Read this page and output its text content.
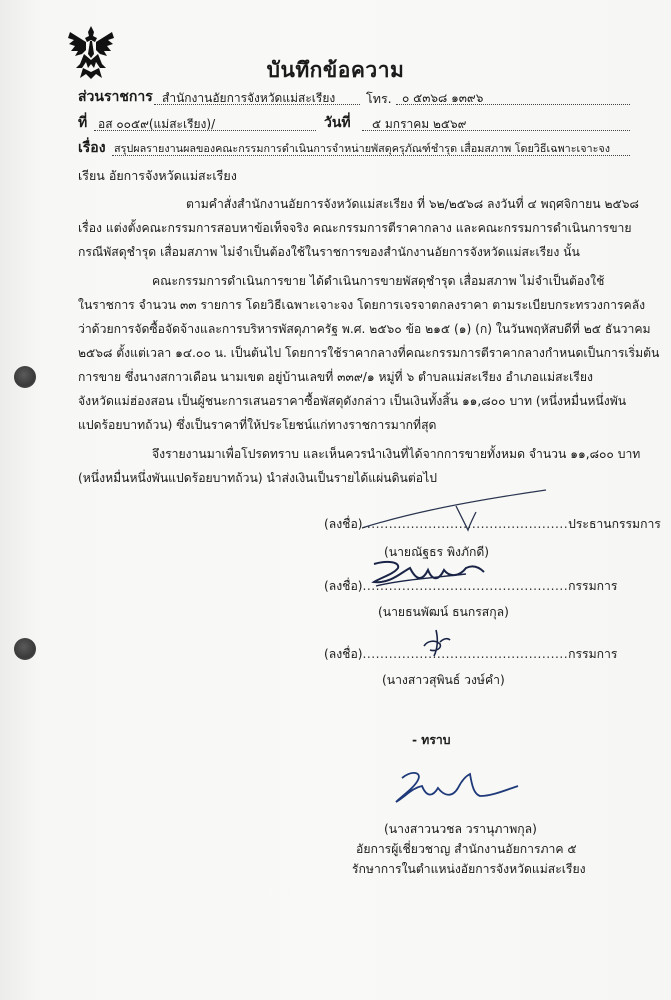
บันทึกข้อความ
ส่วนราชการ สำนักงานอัยการจังหวัดแม่สะเรียง โทร. ๐ ๕๓๖๘ ๑๓๙๖
ที่ อส ๐๐๕๙(แม่สะเรียง)/	วันที่ ๕ มกราคม ๒๕๖๙
เรื่อง สรุปผลรายงานผลของคณะกรรมการดำเนินการจำหน่ายพัสดุครุภัณฑ์ชำรุด เสื่อมสภาพ โดยวิธีเฉพาะเจาะจง
เรียน อัยการจังหวัดแม่สะเรียง
ตามคำสั่งสำนักงานอัยการจังหวัดแม่สะเรียง ที่ ๖๒/๒๕๖๘ ลงวันที่ ๔ พฤศจิกายน ๒๕๖๘
เรื่อง แต่งตั้งคณะกรรมการสอบหาข้อเท็จจริง คณะกรรมการตีราคากลาง และคณะกรรมการดำเนินการขาย
กรณีพัสดุชำรุด เสื่อมสภาพ ไม่จำเป็นต้องใช้ในราชการของสำนักงานอัยการจังหวัดแม่สะเรียง นั้น
คณะกรรมการดำเนินการขาย ได้ดำเนินการขายพัสดุชำรุด เสื่อมสภาพ ไม่จำเป็นต้องใช้
ในราชการ จำนวน ๓๓ รายการ โดยวิธีเฉพาะเจาะจง โดยการเจรจาตกลงราคา ตามระเบียบกระทรวงการคลัง
ว่าด้วยการจัดซื้อจัดจ้างและการบริหารพัสดุภาครัฐ พ.ศ. ๒๕๖๐ ข้อ ๒๑๕ (๑) (ก) ในวันพฤหัสบดีที่ ๒๕ ธันวาคม
๒๕๖๘ ตั้งแต่เวลา ๑๔.๐๐ น. เป็นต้นไป โดยการใช้ราคากลางที่คณะกรรมการตีราคากลางกำหนดเป็นการเริ่มต้น
การขาย ซึ่งนางสกาวเดือน นามเขต อยู่บ้านเลขที่ ๓๓๙/๑ หมู่ที่ ๖ ตำบลแม่สะเรียง อำเภอแม่สะเรียง
จังหวัดแม่ฮ่องสอน เป็นผู้ชนะการเสนอราคาซื้อพัสดุดังกล่าว เป็นเงินทั้งสิ้น ๑๑,๘๐๐ บาท (หนึ่งหมื่นหนึ่งพัน
แปดร้อยบาทถ้วน) ซึ่งเป็นราคาที่ให้ประโยชน์แก่ทางราชการมากที่สุด
จึงรายงานมาเพื่อโปรดทราบ และเห็นควรนำเงินที่ได้จากการขายทั้งหมด จำนวน ๑๑,๘๐๐ บาท
(หนึ่งหมื่นหนึ่งพันแปดร้อยบาทถ้วน) นำส่งเงินเป็นรายได้แผ่นดินต่อไป
(ลงชื่อ)...............................................ประธานกรรมการ
(นายณัฐธร พิงภักดี)
(ลงชื่อ)...............................................กรรมการ
(นายธนพัฒน์ ธนกรสกุล)
(ลงชื่อ)...............................................กรรมการ
(นางสาวสุพินธ์ วงษ์คำ)
- ทราบ
(นางสาวนวชล วรานุภาพกุล)
อัยการผู้เชี่ยวชาญ สำนักงานอัยการภาค ๕
รักษาการในตำแหน่งอัยการจังหวัดแม่สะเรียง
